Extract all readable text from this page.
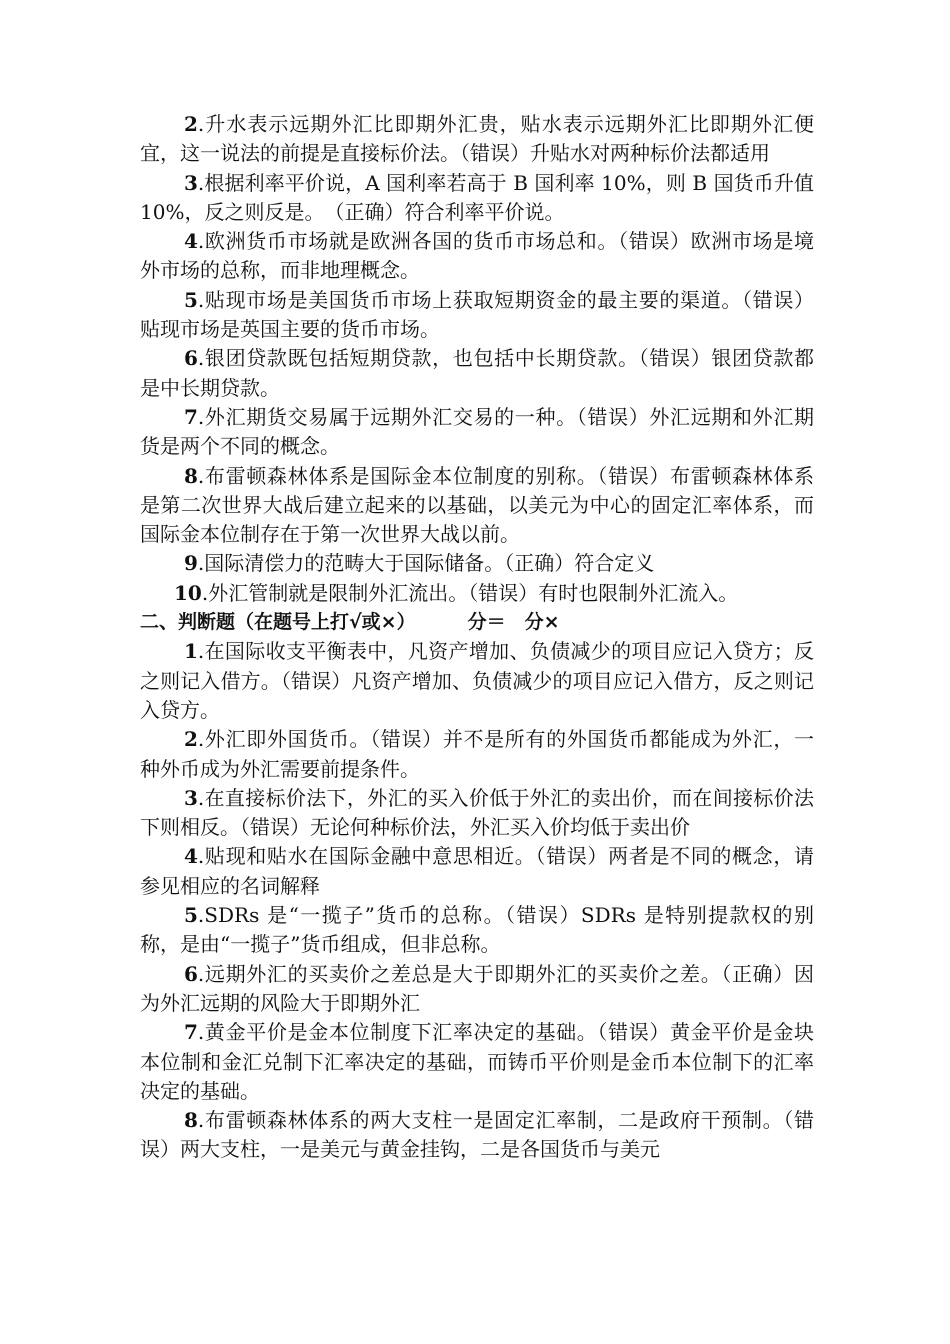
2.升水表示远期外汇比即期外汇贵，贴水表示远期外汇比即期外汇便宜，这一说法的前提是直接标价法。（错误）升贴水对两种标价法都适用

3.根据利率平价说，A 国利率若高于 B 国利率 10%，则 B 国货币升值 10%，反之则反是。　（正确）符合利率平价说。

4.欧洲货币市场就是欧洲各国的货币市场总和。（错误）欧洲市场是境外市场的总称，而非地理概念。

5.贴现市场是美国货币市场上获取短期资金的最主要的渠道。（错误）贴现市场是英国主要的货币市场。

6.银团贷款既包括短期贷款，也包括中长期贷款。（错误）银团贷款都是中长期贷款。

7.外汇期货交易属于远期外汇交易的一种。（错误）外汇远期和外汇期货是两个不同的概念。

8.布雷顿森林体系是国际金本位制度的别称。（错误）布雷顿森林体系是第二次世界大战后建立起来的以基础，以美元为中心的固定汇率体系，而国际金本位制存在于第一次世界大战以前。

9.国际清偿力的范畴大于国际储备。（正确）符合定义

10.外汇管制就是限制外汇流出。（错误）有时也限制外汇流入。

二、判断题（在题号上打√或×）	分＝　分×

1.在国际收支平衡表中，凡资产增加、负债减少的项目应记入贷方；反之则记入借方。（错误）凡资产增加、负债减少的项目应记入借方，反之则记入贷方。

2.外汇即外国货币。（错误）并不是所有的外国货币都能成为外汇，一种外币成为外汇需要前提条件。

3.在直接标价法下，外汇的买入价低于外汇的卖出价，而在间接标价法下则相反。（错误）无论何种标价法，外汇买入价均低于卖出价

4.贴现和贴水在国际金融中意思相近。（错误）两者是不同的概念，请参见相应的名词解释

5.SDRs 是“一揽子”货币的总称。（错误）SDRs 是特别提款权的别称，是由“一揽子”货币组成，但非总称。

6.远期外汇的买卖价之差总是大于即期外汇的买卖价之差。（正确）因为外汇远期的风险大于即期外汇

7.黄金平价是金本位制度下汇率决定的基础。（错误）黄金平价是金块本位制和金汇兑制下汇率决定的基础，而铸币平价则是金币本位制下的汇率决定的基础。

8.布雷顿森林体系的两大支柱一是固定汇率制，二是政府干预制。（错误）两大支柱，一是美元与黄金挂钩，二是各国货币与美元
